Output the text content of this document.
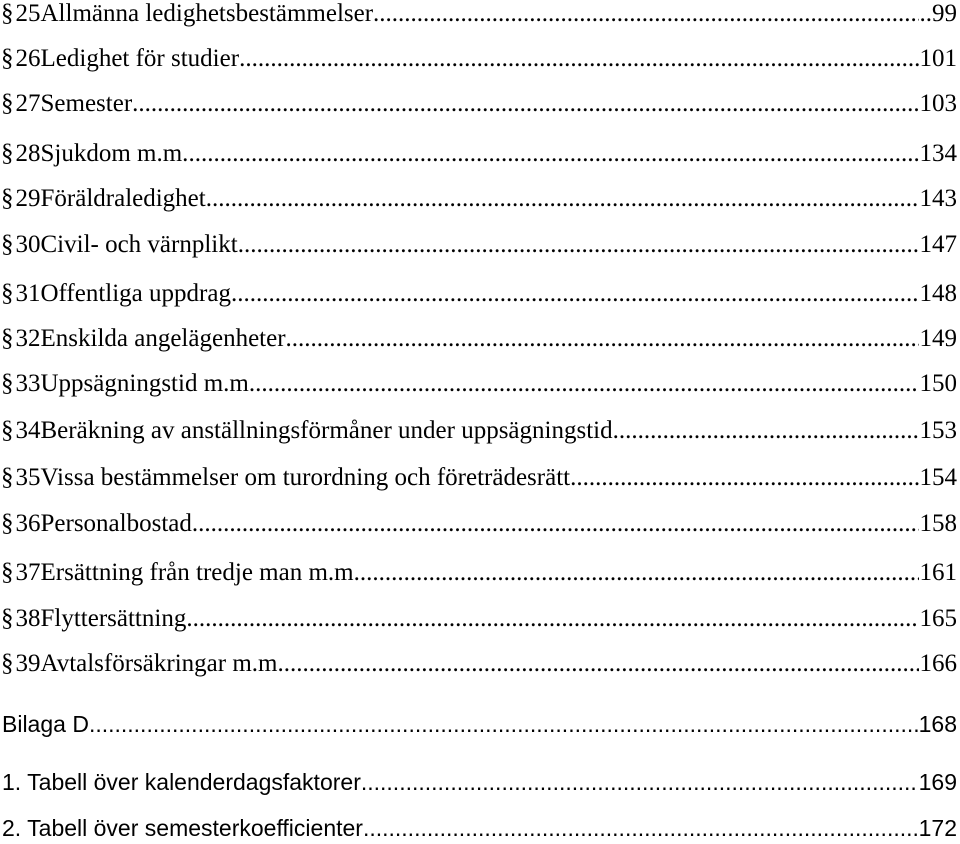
§ 25 Allmänna ledighetsbestämmelser .....	..99
§ 26 Ledighet för studier .....	101
§ 27 Semester .....	103
§ 28 Sjukdom m.m. .....	134
§ 29 Föräldraledighet .....	143
§ 30 Civil- och värnplikt .....	147
§ 31 Offentliga uppdrag .....	148
§ 32 Enskilda angelägenheter .....	149
§ 33 Uppsägningstid m.m. .....	150
§ 34 Beräkning av anställningsförmåner under uppsägningstid .....	153
§ 35 Vissa bestämmelser om turordning och företrädesrätt .....	154
§ 36 Personalbostad .....	158
§ 37 Ersättning från tredje man m.m. .....	161
§ 38 Flyttersättning .....	165
§ 39 Avtalsförsäkringar m.m. .....	166
Bilaga D .....	168
1. Tabell över kalenderdagsfaktorer .....	169
2. Tabell över semesterkoefficienter .....	172
